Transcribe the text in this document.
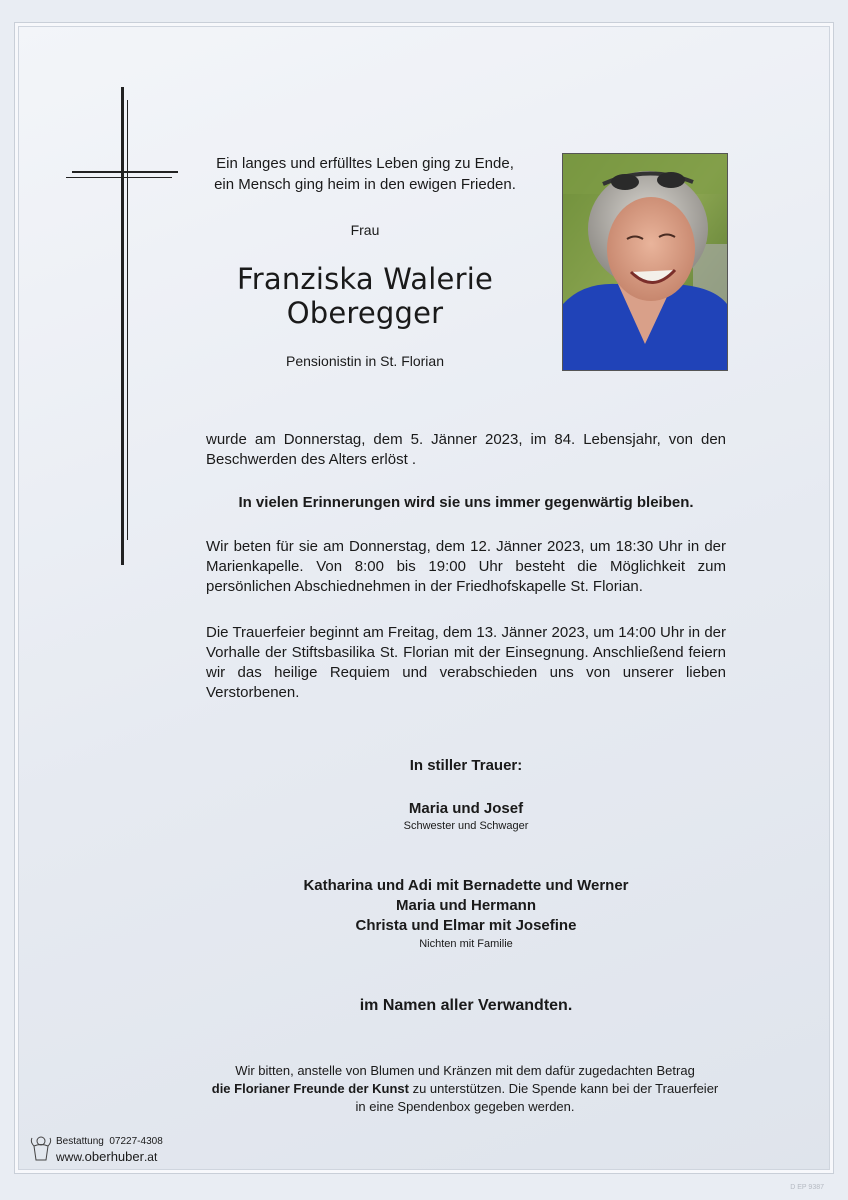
Ein langes und erfülltes Leben ging zu Ende,
ein Mensch ging heim in den ewigen Frieden.
Frau
Franziska Walerie
Oberegger
Pensionistin in St. Florian
wurde am Donnerstag, dem 5. Jänner 2023, im 84. Lebensjahr, von den Beschwerden des Alters erlöst .
In vielen Erinnerungen wird sie uns immer gegenwärtig bleiben.
Wir beten für sie am Donnerstag, dem 12. Jänner 2023, um 18:30 Uhr in der Marienkapelle. Von 8:00 bis 19:00 Uhr besteht die Möglichkeit zum persönlichen Abschiednehmen in der Friedhofskapelle St. Florian.
Die Trauerfeier beginnt am Freitag, dem 13. Jänner 2023, um 14:00 Uhr in der Vorhalle der Stiftsbasilika St. Florian mit der Einsegnung. Anschließend feiern wir das heilige Requiem und verabschieden uns von unserer lieben Verstorbenen.
In stiller Trauer:
Maria und Josef
Schwester und Schwager
Katharina und Adi mit Bernadette und Werner
Maria und Hermann
Christa und Elmar mit Josefine
Nichten mit Familie
im Namen aller Verwandten.
Wir bitten, anstelle von Blumen und Kränzen mit dem dafür zugedachten Betrag
die Florianer Freunde der Kunst zu unterstützen. Die Spende kann bei der Trauerfeier
in eine Spendenbox gegeben werden.
Bestattung 07227-4308
www.oberhuber.at
D EP 9387
